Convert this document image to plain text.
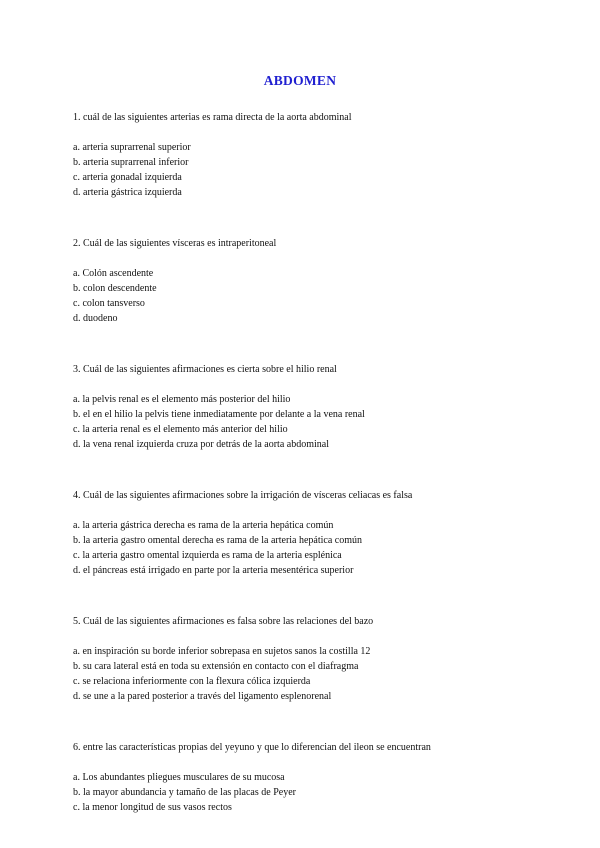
ABDOMEN

1. cuál de las siguientes arterias es rama directa de la aorta abdominal

a. arteria suprarrenal superior
b. arteria suprarrenal inferior
c. arteria gonadal izquierda
d. arteria gástrica izquierda

2. Cuál de las siguientes vísceras es intraperitoneal

a. Colón ascendente
b. colon descendente
c. colon tansverso
d. duodeno

3. Cuál de las siguientes afirmaciones es cierta sobre el hilio renal

a. la pelvis renal es el elemento más posterior del hilio
b. el en el hilio la pelvis tiene inmediatamente por delante a la vena renal
c. la arteria renal es el elemento más anterior del hilio
d. la vena renal izquierda cruza por detrás de la aorta abdominal

4. Cuál de las siguientes afirmaciones sobre la irrigación de vísceras celiacas es falsa

a. la arteria gástrica derecha es rama de la arteria hepática común
b. la arteria gastro omental derecha es rama de la arteria hepática común
c. la arteria gastro omental izquierda es rama de la arteria esplénica
d. el páncreas está irrigado en parte por la arteria mesentérica superior

5. Cuál de las siguientes afirmaciones es falsa sobre las relaciones del bazo

a. en inspiración su borde inferior sobrepasa en sujetos sanos la costilla 12
b. su cara lateral está en toda su extensión en contacto con el diafragma
c. se relaciona inferiormente con la flexura cólica izquierda
d. se une a la pared posterior a través del ligamento esplenorenal

6. entre las características propias del yeyuno y que lo diferencian del ileon se encuentran

a. Los abundantes pliegues musculares de su mucosa
b. la mayor abundancia y tamaño de las placas de Peyer
c. la menor longitud de sus vasos rectos
